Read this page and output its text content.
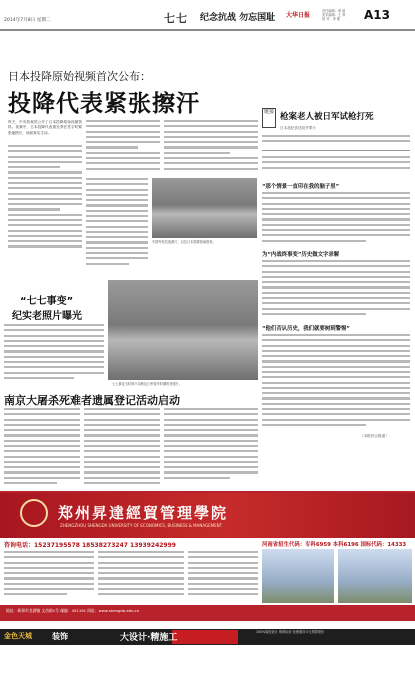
2014年7月8日 星期二	七七 纪念抗战 勿忘国耻 大华日报
责任编辑：章 丽
美术编辑：王 帅
校 对：李 强	A13
日本投降原始视频首次公布：
投降代表紧张擦汗
昨天，中央档案馆公开了日本投降原始视频资料。视频中，日本投降代表重光葵在签字时紧张地擦汗，场面真实生动。
链接 枪案老人被日军试枪打死
日本战犯供述侵华罪行
“那个情景一直印在我的脑子里”
为“内战终事变”历史做文字录解
“他们否认历史，我们就要树到警惕”
（本报综合报道）
中国军民抗战照片，以及日本投降原始资料。
“七七事变”
纪实老照片曝光
七七事变当时的卢沟桥及日军侵华时期的老照片。
南京大屠杀死难者遗属登记活动启动
郑州昇達經貿管理學院
ZHENGZHOU SHENGDA UNIVERSITY OF ECONOMICS, BUSINESS & MANAGEMENT
咨询电话：15237195578 18538273247 13939242999	河南省招生代码：专科6959 本科6196 国标代码：14333
地址：新郑市龙湖镇 文昌路1号 邮编：451191 网址：www.shengda.edu.cn
金色天城	装饰	大设计·精施工
100%原创设计 明码标价 拒绝增项 0元预算报价
